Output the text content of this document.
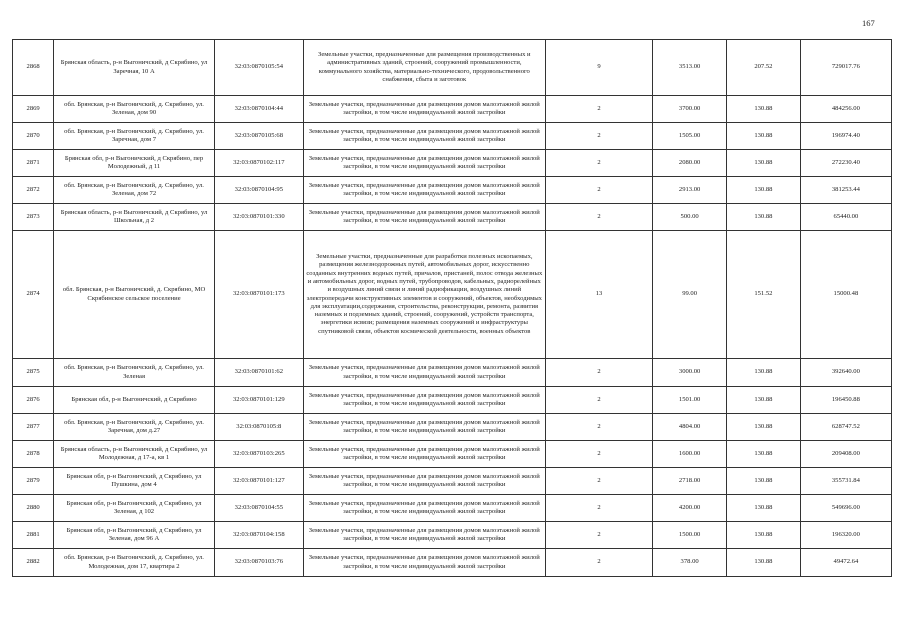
167
2868	Брянская область, р-н Выгоничский, д Скрябино, ул Заречная, 10 А	32:03:0870105:54	Земельные участки, предназначенные для размещения производственных и административных зданий, строений, сооружений промышленности, коммунального хозяйства, материально-технического, продовольственного снабжения, сбыта и заготовок	9	3513.00	207.52	729017.76
2869	обл. Брянская, р-н Выгоничский, д. Скрябино, ул. Зеленая, дом 90	32:03:0870104:44	Земельные участки, предназначенные для размещения домов малоэтажной жилой застройки, в том числе индивидуальной жилой застройки	2	3700.00	130.88	484256.00
2870	обл. Брянская, р-н Выгоничский, д. Скрябино, ул. Заречная, дом 7	32:03:0870105:68	Земельные участки, предназначенные для размещения домов малоэтажной жилой застройки, в том числе индивидуальной жилой застройки	2	1505.00	130.88	196974.40
2871	Брянская обл, р-н Выгоничский, д Скрябино, пер Молодежный, д 11	32:03:0870102:117	Земельные участки, предназначенные для размещения домов малоэтажной жилой застройки, в том числе индивидуальной жилой застройки	2	2080.00	130.88	272230.40
2872	обл. Брянская, р-н Выгоничский, д. Скрябино, ул. Зеленая, дом 72	32:03:0870104:95	Земельные участки, предназначенные для размещения домов малоэтажной жилой застройки, в том числе индивидуальной жилой застройки	2	2913.00	130.88	381253.44
2873	Брянская область, р-н Выгоничский, д Скрябино, ул Школьная, д 2	32:03:0870101:330	Земельные участки, предназначенные для размещения домов малоэтажной жилой застройки, в том числе индивидуальной жилой застройки	2	500.00	130.88	65440.00
2874	обл. Брянская, р-н Выгоничский, д. Скрябино, МО Скрябинское сельское поселение	32:03:0870101:173	Земельные участки, предназначенные для разработки полезных ископаемых, размещения железнодорожных путей, автомобильных дорог, искусственно созданных внутренних водных путей, причалов, пристаней, полос отвода железных и автомобильных дорог, водных путей, трубопроводов, кабельных, радиорелейных и воздушных линий связи и линий радиофикации, воздушных линий электропередачи конструктивных элементов и сооружений, объектов, необходимых для эксплуатации,содержания, строительства, реконструкции, ремонта, развития наземных и подземных зданий, строений, сооружений, устройств транспорта, энергетики исвязи; размещения наземных сооружений и инфраструктуры спутниковой связи, объектов космической деятельности, военных объектов	13	99.00	151.52	15000.48
2875	обл. Брянская, р-н Выгоничский, д. Скрябино, ул. Зеленая	32:03:0870101:62	Земельные участки, предназначенные для размещения домов малоэтажной жилой застройки, в том числе индивидуальной жилой застройки	2	3000.00	130.88	392640.00
2876	Брянская обл, р-н Выгоничский, д Скрябино	32:03:0870101:129	Земельные участки, предназначенные для размещения домов малоэтажной жилой застройки, в том числе индивидуальной жилой застройки	2	1501.00	130.88	196450.88
2877	обл. Брянская, р-н Выгоничский, д. Скрябино, ул. Заречная, дом д.27	32:03:0870105:8	Земельные участки, предназначенные для размещения домов малоэтажной жилой застройки, в том числе индивидуальной жилой застройки	2	4804.00	130.88	628747.52
2878	Брянская область, р-н Выгоничский, д Скрябино, ул Молодежная, д 17-а, кв 1	32:03:0870103:265	Земельные участки, предназначенные для размещения домов малоэтажной жилой застройки, в том числе индивидуальной жилой застройки	2	1600.00	130.88	209408.00
2879	Брянская обл, р-н Выгоничский, д Скрябино, ул Пушкина, дом 4	32:03:0870101:127	Земельные участки, предназначенные для размещения домов малоэтажной жилой застройки, в том числе индивидуальной жилой застройки	2	2718.00	130.88	355731.84
2880	Брянская обл, р-н Выгоничский, д Скрябино, ул Зеленая, д 102	32:03:0870104:55	Земельные участки, предназначенные для размещения домов малоэтажной жилой застройки, в том числе индивидуальной жилой застройки	2	4200.00	130.88	549696.00
2881	Брянская обл, р-н Выгоничский, д Скрябино, ул Зеленая, дом 96 А	32:03:0870104:158	Земельные участки, предназначенные для размещения домов малоэтажной жилой застройки, в том числе индивидуальной жилой застройки	2	1500.00	130.88	196320.00
2882	обл. Брянская, р-н Выгоничский, д. Скрябино, ул. Молодежная, дом 17, квартира 2	32:03:0870103:76	Земельные участки, предназначенные для размещения домов малоэтажной жилой застройки, в том числе индивидуальной жилой застройки	2	378.00	130.88	49472.64
